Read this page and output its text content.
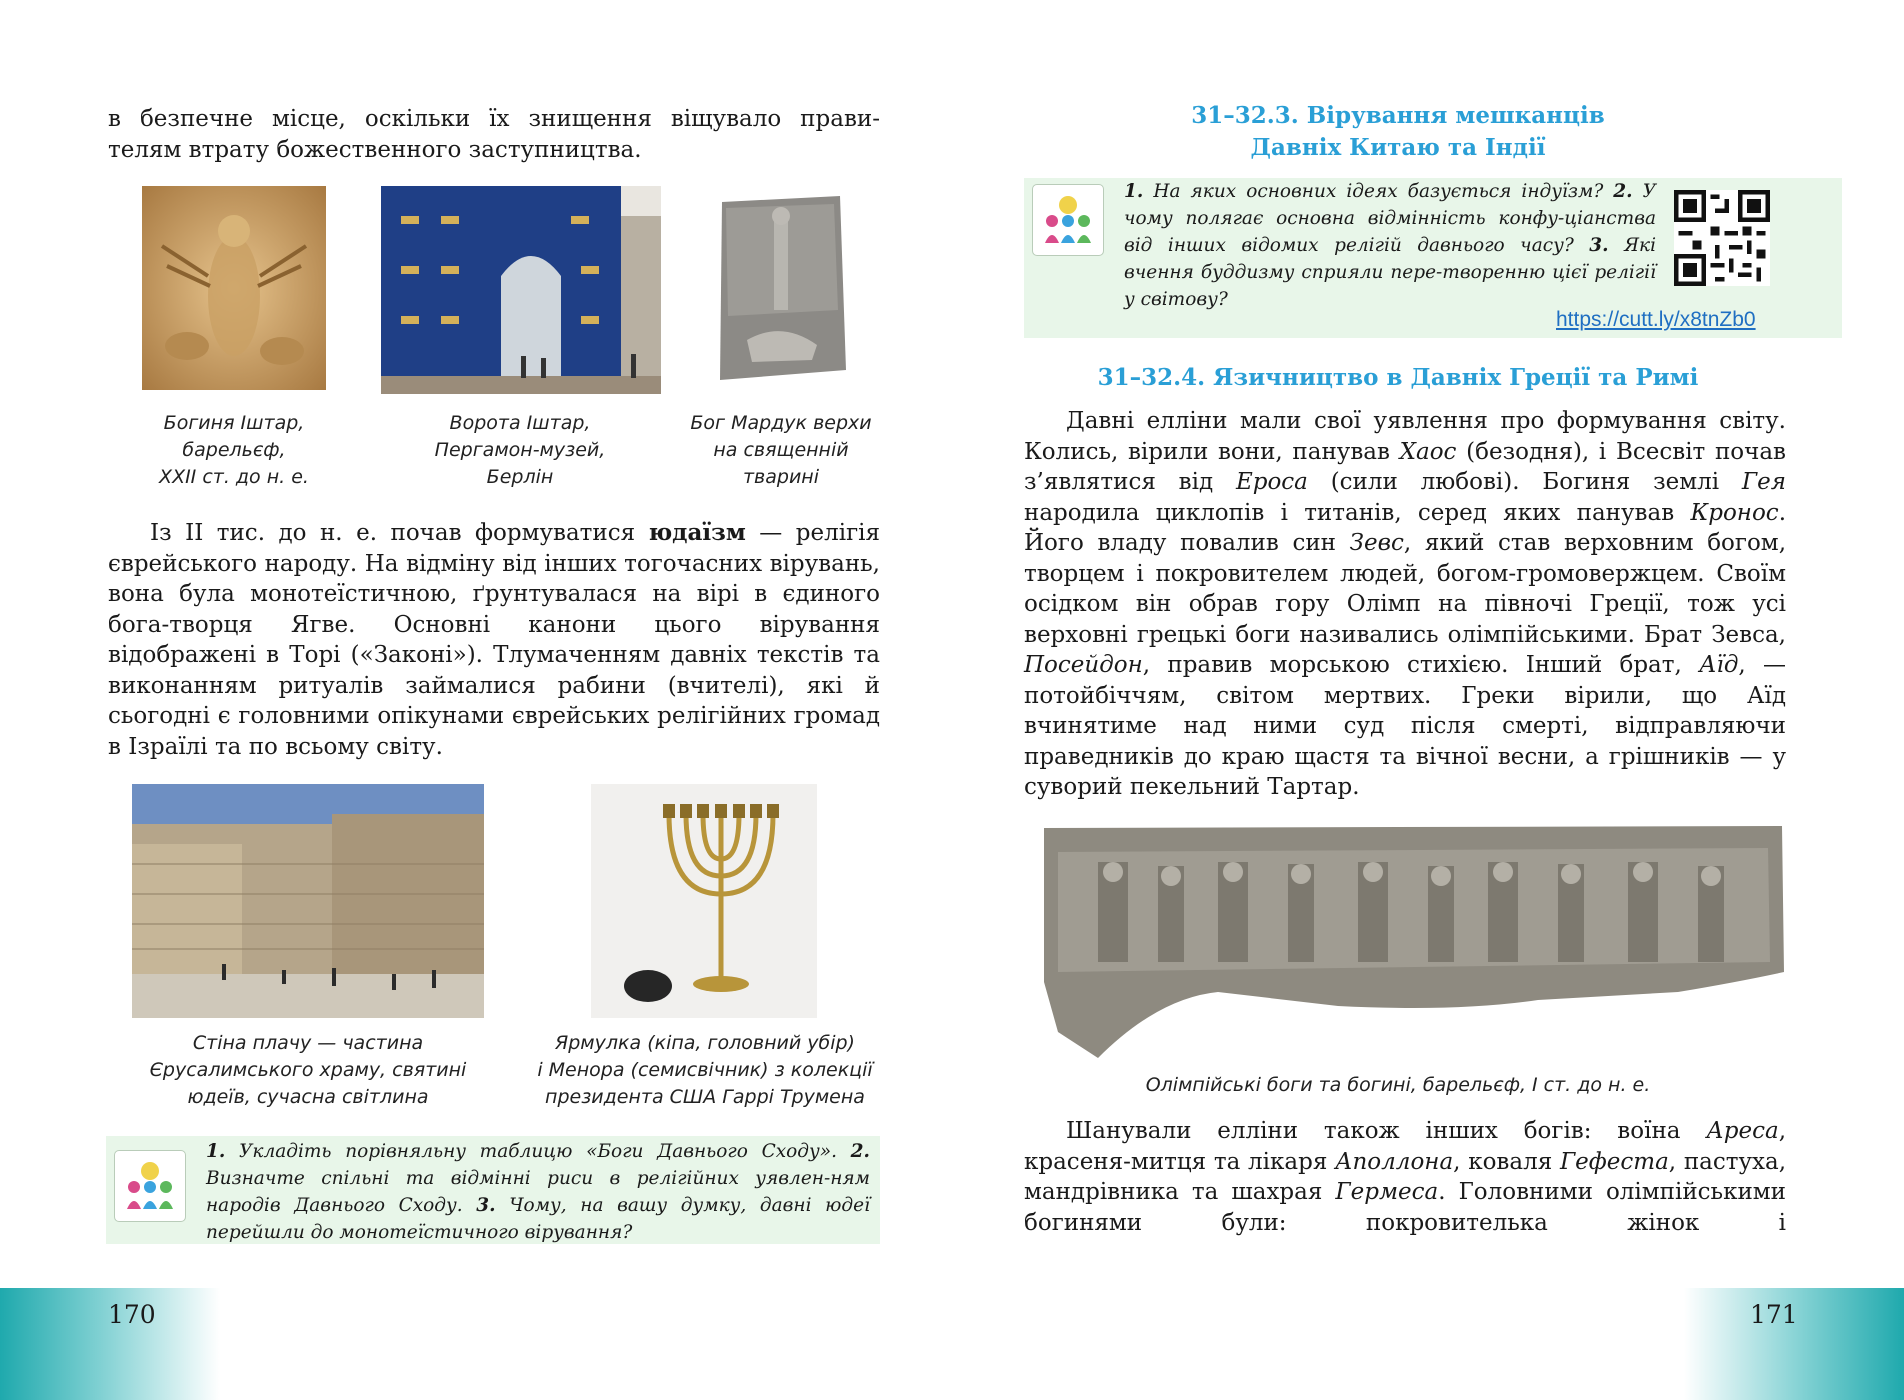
в безпечне місце, оскільки їх знищення віщувало прави-
телям втрату божественного заступництва.
Богиня Іштар,
барельєф,
XXII ст. до н. е.
Ворота Іштар,
Пергамон-музей,
Берлін
Бог Мардук верхи
на священній
тварині

Із II тис. до н. е. почав формуватися юдаїзм — релігія єврейського народу. На відміну від інших тогочасних вірувань, вона була монотеїстичною, ґрунтувалася на вірі в єдиного бога-творця Ягве. Основні канони цього вірування відображені в Торі («Законі»). Тлумаченням давніх текстів та виконанням ритуалів займалися рабини (вчителі), які й сьогодні є головними опікунами єврейських релігійних громад в Ізраїлі та по всьому світу.

Стіна плачу — частина
Єрусалимського храму, святині
юдеїв, сучасна світлина
Ярмулка (кіпа, головний убір)
і Менора (семисвічник) з колекції
президента США Гаррі Трумена
1. Укладіть порівняльну таблицю «Боги Давнього Сходу». 2. Визначте спільні та відмінні риси в релігійних уявлен-ням народів Давнього Сходу. 3. Чому, на вашу думку, давні юдеї перейшли до монотеїстичного вірування?
170
31–32.3. Вірування мешканців
Давніх Китаю та Індії
1. На яких основних ідеях базується індуїзм? 2. У чому полягає основна відмінність конфу-ціанства від інших відомих релігій давнього часу? 3. Які вчення буддизму сприяли пере-творенню цієї релігії у світову?
https://cutt.ly/x8tnZb0
31–32.4. Язичництво в Давніх Греції та Римі

Давні елліни мали свої уявлення про формування світу. Колись, вірили вони, панував Хаос (безодня), і Всесвіт почав з’являтися від Ероса (сили любові). Богиня землі Гея народила циклопів і титанів, серед яких панував Кронос. Його владу повалив син Зевс, який став верховним богом, творцем і покровителем людей, богом-громовержцем. Своїм осідком він обрав гору Олімп на півночі Греції, тож усі верховні грецькі боги називались олімпійськими. Брат Зевса, Посейдон, правив морською стихією. Інший брат, Аїд, — потойбіччям, світом мертвих. Греки вірили, що Аїд вчинятиме над ними суд після смерті, відправляючи праведників до краю щастя та вічної весни, а грішників — у суворий пекельний Тартар.

Олімпійські боги та богині, барельєф, I ст. до н. е.

Шанували елліни також інших богів: воїна Ареса, красеня-митця та лікаря Аполлона, коваля Гефеста, пастуха, мандрівника та шахрая Гермеса. Головними олімпійськими богинями були: покровителька жінок і

171
